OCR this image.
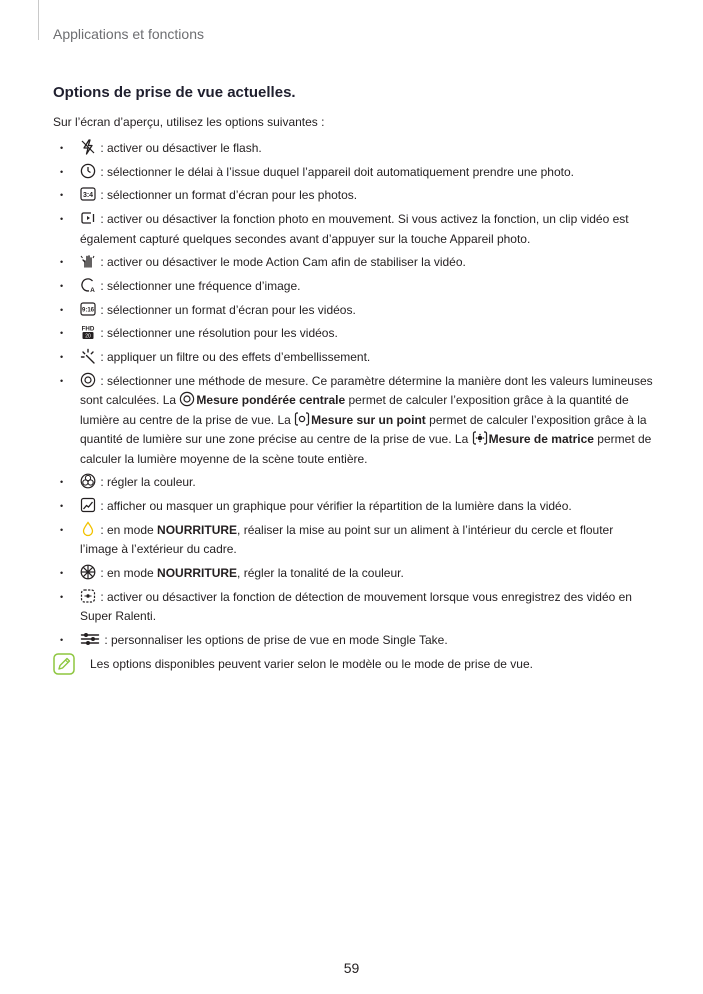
Applications et fonctions
Options de prise de vue actuelles.
Sur l’écran d’aperçu, utilisez les options suivantes :
• : activer ou désactiver le flash.
• : sélectionner le délai à l’issue duquel l’appareil doit automatiquement prendre une photo.
• 3:4 : sélectionner un format d’écran pour les photos.
• : activer ou désactiver la fonction photo en mouvement. Si vous activez la fonction, un clip vidéo est également capturé quelques secondes avant d’appuyer sur la touche Appareil photo.
• : activer ou désactiver le mode Action Cam afin de stabiliser la vidéo.
• A : sélectionner une fréquence d’image.
• 9:16 : sélectionner un format d’écran pour les vidéos.
• FHD
20 : sélectionner une résolution pour les vidéos.
• : appliquer un filtre ou des effets d’embellissement.
• : sélectionner une méthode de mesure. Ce paramètre détermine la manière dont les valeurs lumineuses sont calculées. La
Mesure pondérée centrale permet de calculer l’exposition grâce à la quantité de lumière au centre de la prise de vue. La
Mesure sur un point permet de calculer l’exposition grâce à la quantité de lumière sur une zone précise au centre de la prise de vue. La
Mesure de matrice permet de calculer la lumière moyenne de la scène toute entière.
• : régler la couleur.
• : afficher ou masquer un graphique pour vérifier la répartition de la lumière dans la vidéo.
• : en mode NOURRITURE, réaliser la mise au point sur un aliment à l’intérieur du cercle et flouter l’image à l’extérieur du cadre.
• : en mode NOURRITURE, régler la tonalité de la couleur.
• : activer ou désactiver la fonction de détection de mouvement lorsque vous enregistrez des vidéo en Super Ralenti.
• : personnaliser les options de prise de vue en mode Single Take.
Les options disponibles peuvent varier selon le modèle ou le mode de prise de vue.
59
